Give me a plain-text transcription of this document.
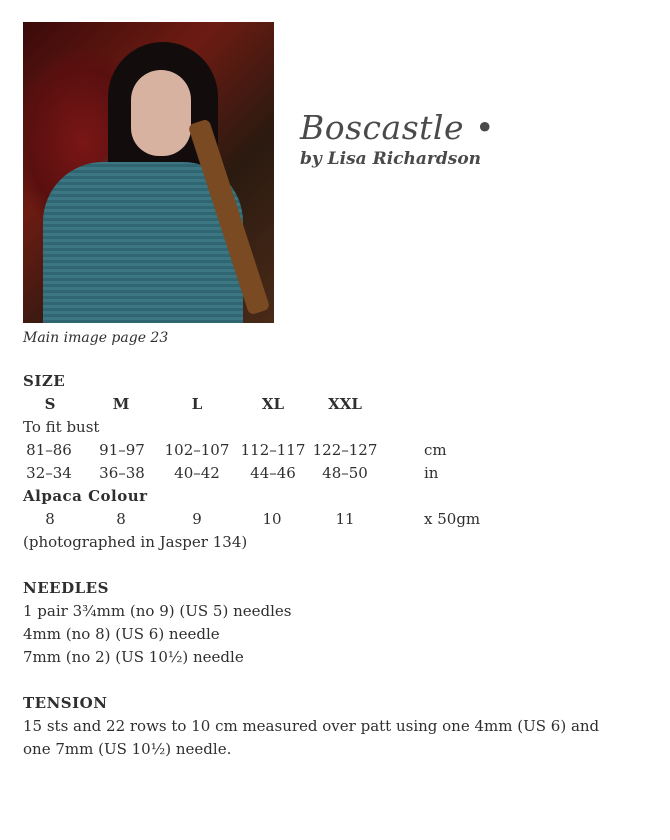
Main image page 23
Boscastle •
by Lisa Richardson
SIZE
S	M	L	XL	XXL
To fit bust
81–86	91–97	102–107 112–117 122–127	cm
32–34	36–38	40–42	44–46	48–50	in
Alpaca Colour
8	8	9	10	11	x 50gm
(photographed in Jasper 134)
NEEDLES
1 pair 3¾mm (no 9) (US 5) needles
4mm (no 8) (US 6) needle
7mm (no 2) (US 10½) needle
TENSION
15 sts and 22 rows to 10 cm measured over patt using one 4mm (US 6) and
one 7mm (US 10½) needle.
